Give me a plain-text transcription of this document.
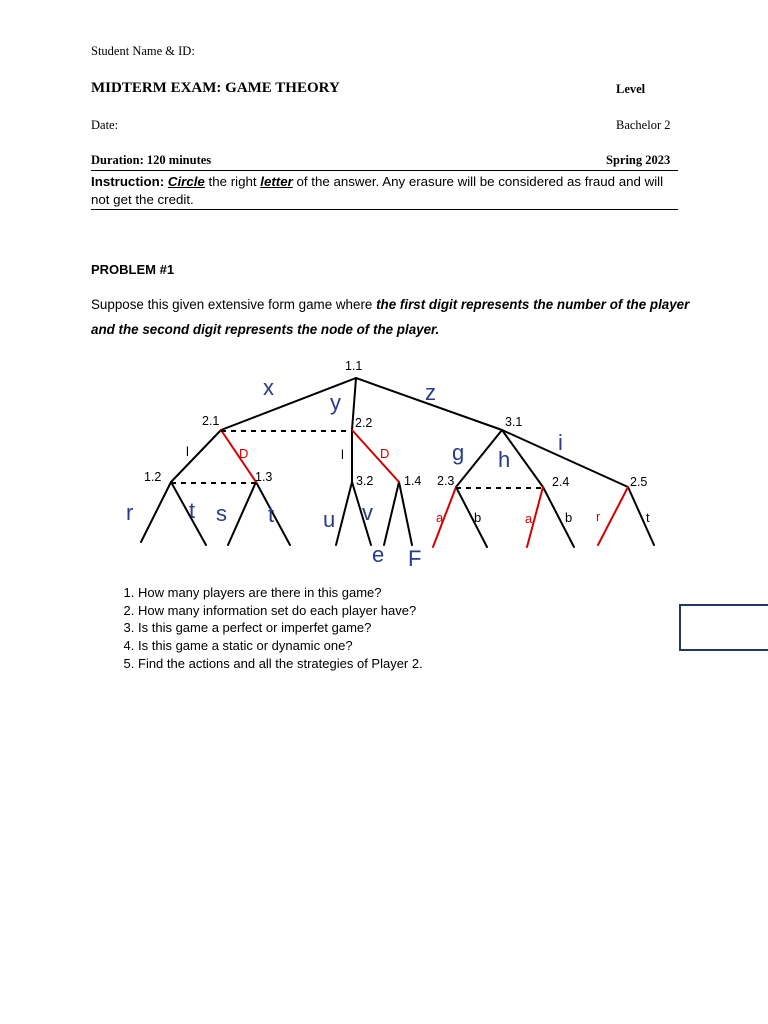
Student Name & ID:
MIDTERM EXAM: GAME THEORY	Level
Date:	Bachelor 2
Duration: 120 minutes	Spring 2023
Instruction: Circle the right letter of the answer. Any erasure will be considered as fraud and will not get the credit.
PROBLEM #1
Suppose this given extensive form game where the first digit represents the number of the player and the second digit represents the node of the player.
1.1
2.1	2.2	3.1
1.2	1.3	3.2 1.4 2.3	2.4	2.5
x
y	z
g h
i
r	t s t u v
e F
l	l
b	b	t
D	D
a	a	r
1. How many players are there in this game?
2. How many information set do each player have?
3. Is this game a perfect or imperfet game?
4. Is this game a static or dynamic one?
5. Find the actions and all the strategies of Player 2.
